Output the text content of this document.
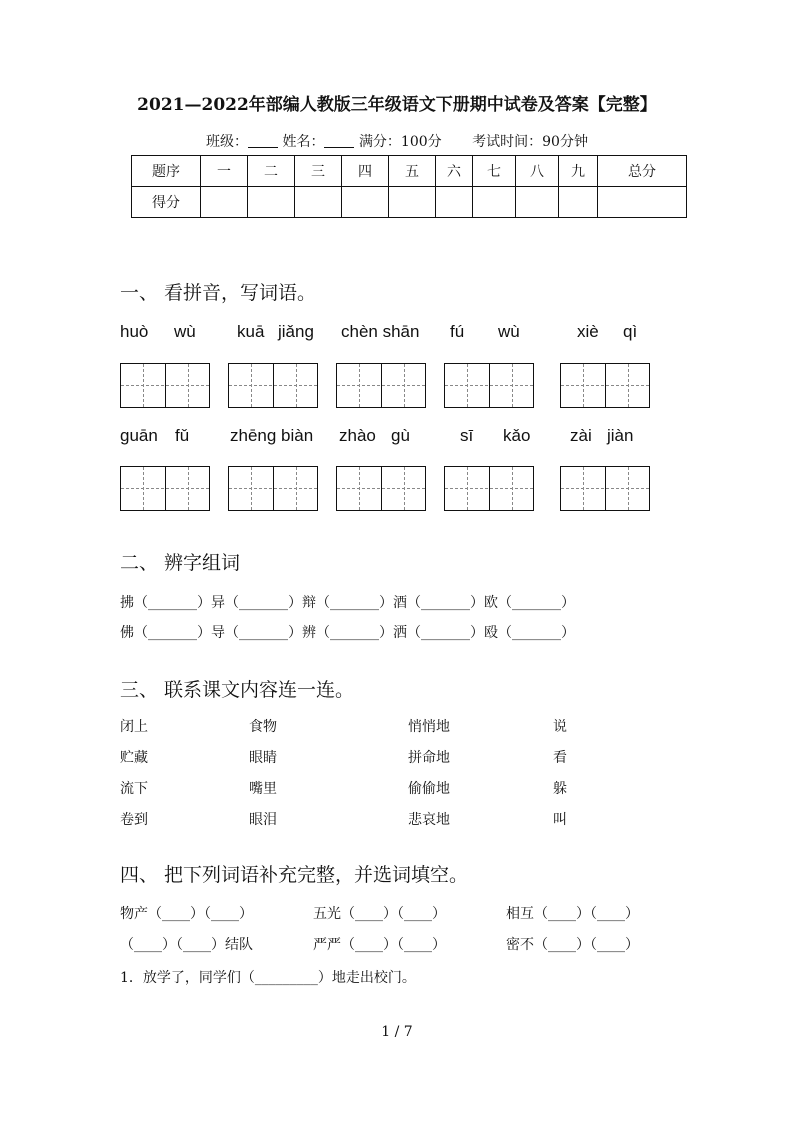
2021—2022年部编人教版三年级语文下册期中试卷及答案【完整】
班级： 姓名： 满分：100分 考试时间：90分钟
题序	一	二	三	四	五	六	七	八	九	总分
得分										
一、 看拼音，写词语。
huò wù kuā jiǎng chèn shān fú wù	xiè qì
guān fǔ zhēng biàn zhào gù	sī kǎo zài jiàn
二、 辨字组词
拂（_______）异（_______）辩（_______）酒（_______）欧（_______）
佛（_______）导（_______）辨（_______）洒（_______）殴（_______）
三、 联系课文内容连一连。
闭上	食物	悄悄地	说
贮藏	眼睛	拼命地	看
流下	嘴里	偷偷地	躲
卷到	眼泪	悲哀地	叫
四、 把下列词语补充完整，并选词填空。
物产（____）（____）	五光（____）（____）	相互（____）（____）
（____）（____）结队	严严（____）（____）	密不（____）（____）
1．放学了，同学们（_________）地走出校门。
1 / 7
